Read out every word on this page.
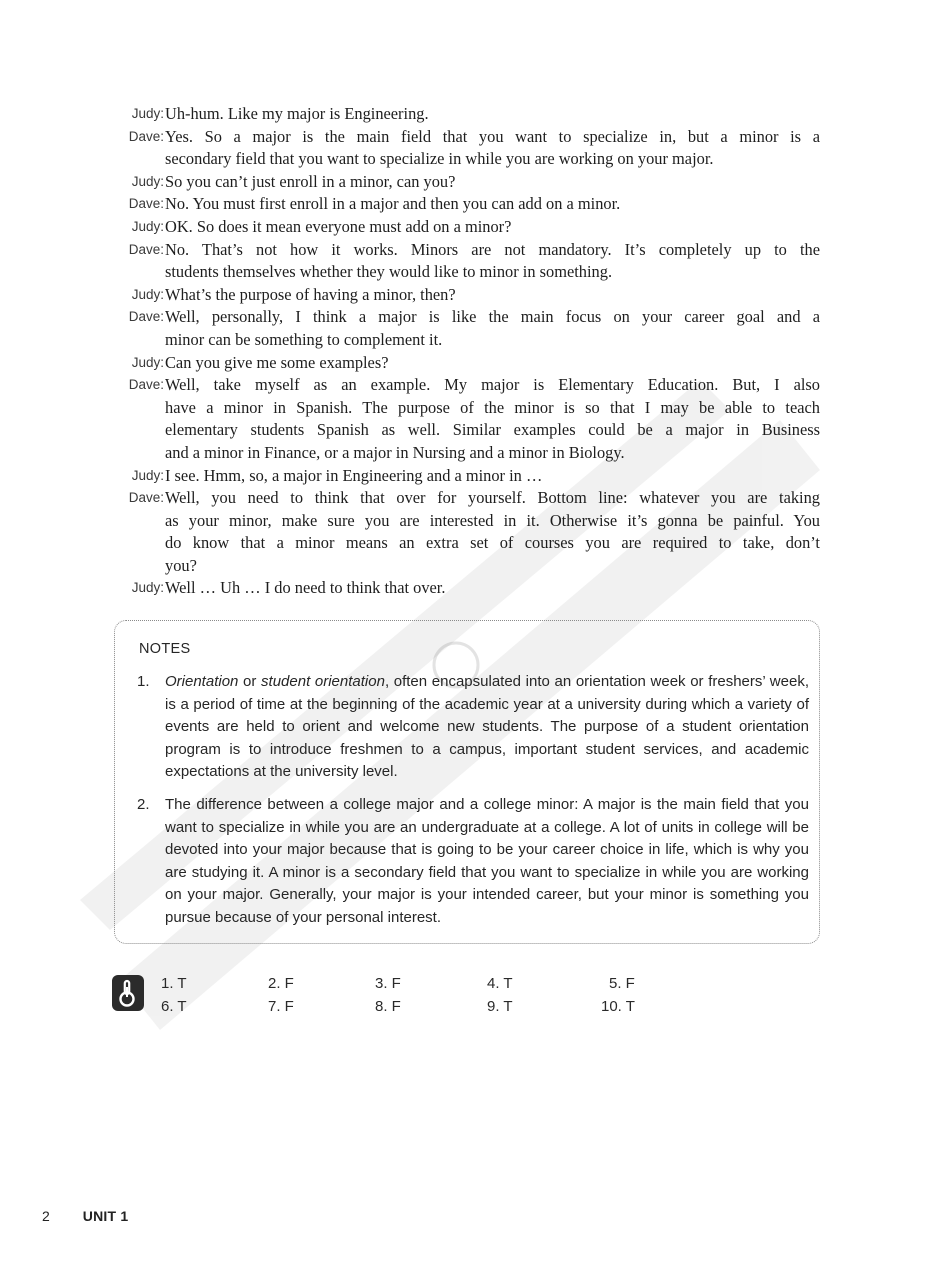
Judy: Uh-hum. Like my major is Engineering.
Dave: Yes. So a major is the main field that you want to specialize in, but a minor is a
secondary field that you want to specialize in while you are working on your major.
Judy: So you can’t just enroll in a minor, can you?
Dave: No. You must first enroll in a major and then you can add on a minor.
Judy: OK. So does it mean everyone must add on a minor?
Dave: No. That’s not how it works. Minors are not mandatory. It’s completely up to the
students themselves whether they would like to minor in something.
Judy: What’s the purpose of having a minor, then?
Dave: Well, personally, I think a major is like the main focus on your career goal and a
minor can be something to complement it.
Judy: Can you give me some examples?
Dave: Well, take myself as an example. My major is Elementary Education. But, I also
have a minor in Spanish. The purpose of the minor is so that I may be able to teach
elementary students Spanish as well. Similar examples could be a major in Business
and a minor in Finance, or a major in Nursing and a minor in Biology.
Judy: I see. Hmm, so, a major in Engineering and a minor in …
Dave: Well, you need to think that over for yourself. Bottom line: whatever you are taking
as your minor, make sure you are interested in it. Otherwise it’s gonna be painful. You
do know that a minor means an extra set of courses you are required to take, don’t
you?
Judy: Well … Uh … I do need to think that over.
NOTES
1.	Orientation or student orientation, often encapsulated into an orientation week or freshers’ week, is a period of time at the beginning of the academic year at a university during which a variety of events are held to orient and welcome new students. The purpose of a student orientation program is to introduce freshmen to a campus, important student services, and academic expectations at the university level.
2.	The difference between a college major and a college minor: A major is the main field that you want to specialize in while you are an undergraduate at a college. A lot of units in college will be devoted into your major because that is going to be your career choice in life, which is why you are studying it. A minor is a secondary field that you want to specialize in while you are working on your major. Generally, your major is your intended career, but your minor is something you pursue because of your personal interest.
1. T	2. F	3. F	4. T	5. F
6. T	7. F	8. F	9. T	10. T
2 UNIT 1
